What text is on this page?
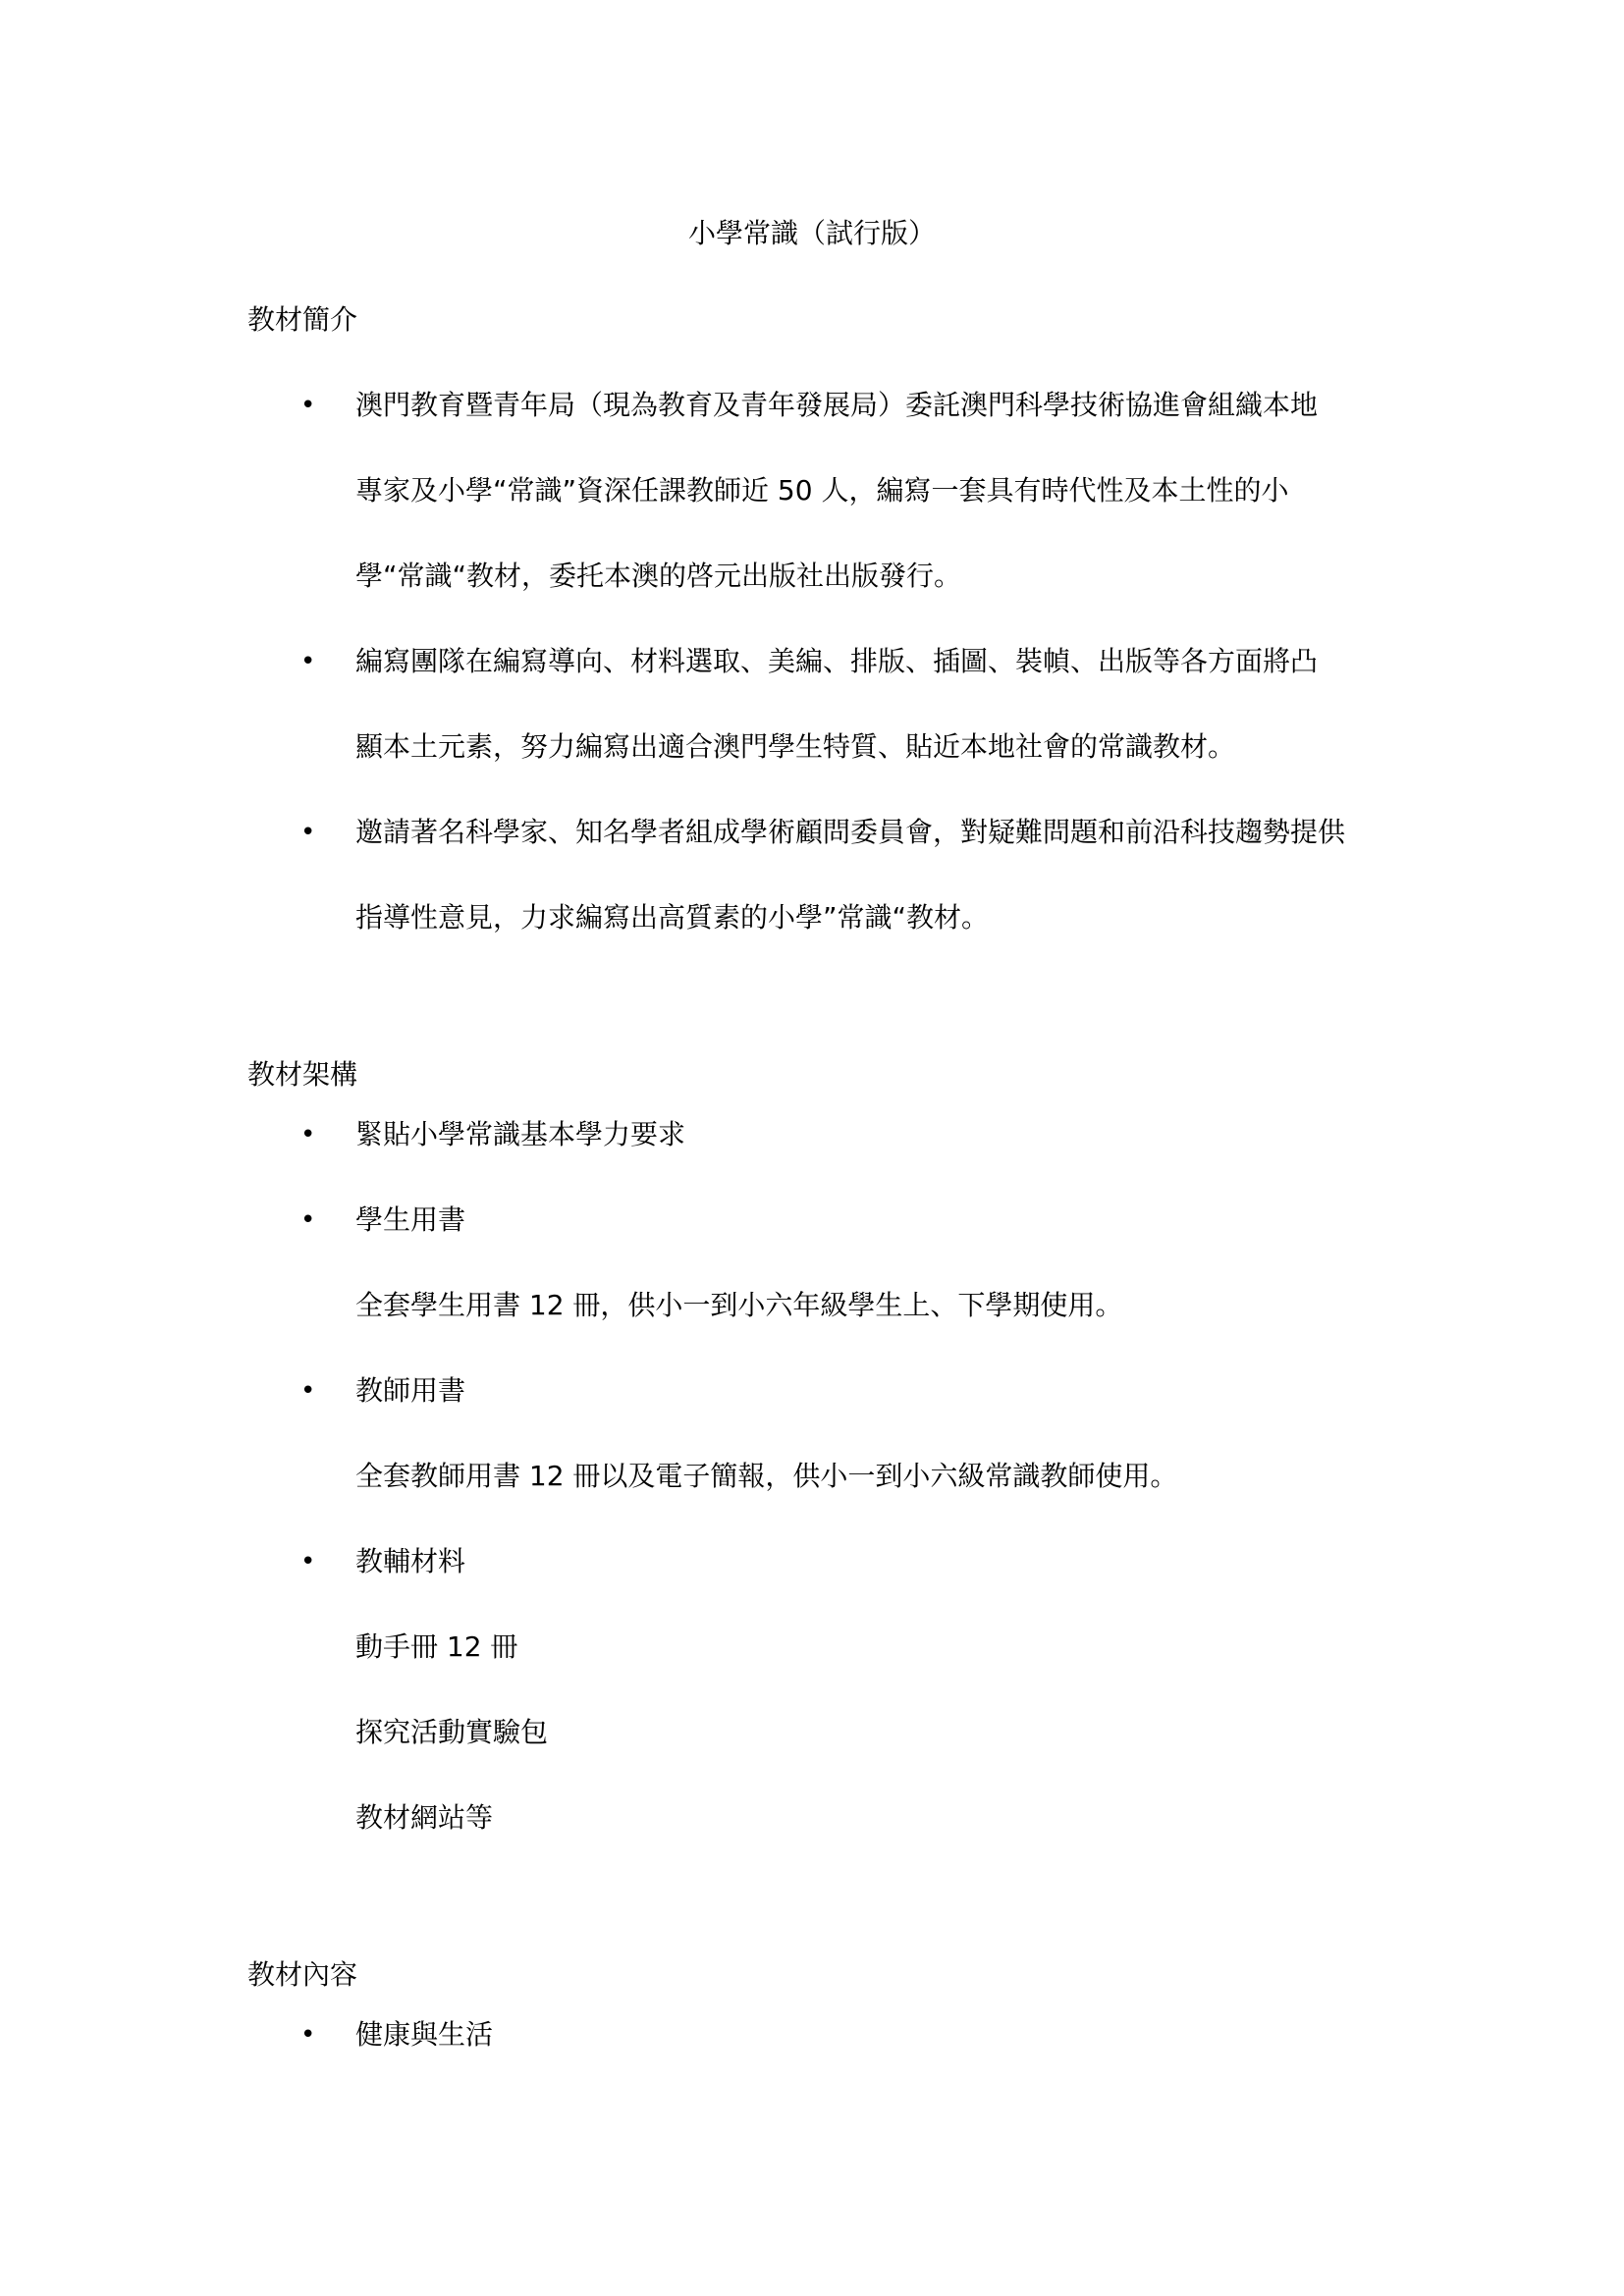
小學常識（試行版）
教材簡介
• 澳門教育暨青年局（現為教育及青年發展局）委託澳門科學技術協進會組織本地
專家及小學“常識”資深任課教師近 50 人，編寫一套具有時代性及本土性的小
學“常識“教材，委托本澳的啓元出版社出版發行。
• 編寫團隊在編寫導向、材料選取、美編、排版、插圖、裝幀、出版等各方面將凸
顯本土元素，努力編寫出適合澳門學生特質、貼近本地社會的常識教材。
• 邀請著名科學家、知名學者組成學術顧問委員會，對疑難問題和前沿科技趨勢提供
指導性意見，力求編寫出高質素的小學”常識“教材。
教材架構
• 緊貼小學常識基本學力要求
• 學生用書
全套學生用書 12 冊，供小一到小六年級學生上、下學期使用。
• 教師用書
全套教師用書 12 冊以及電子簡報，供小一到小六級常識教師使用。
• 教輔材料
動手冊 12 冊
探究活動實驗包
教材網站等
教材內容
• 健康與生活
